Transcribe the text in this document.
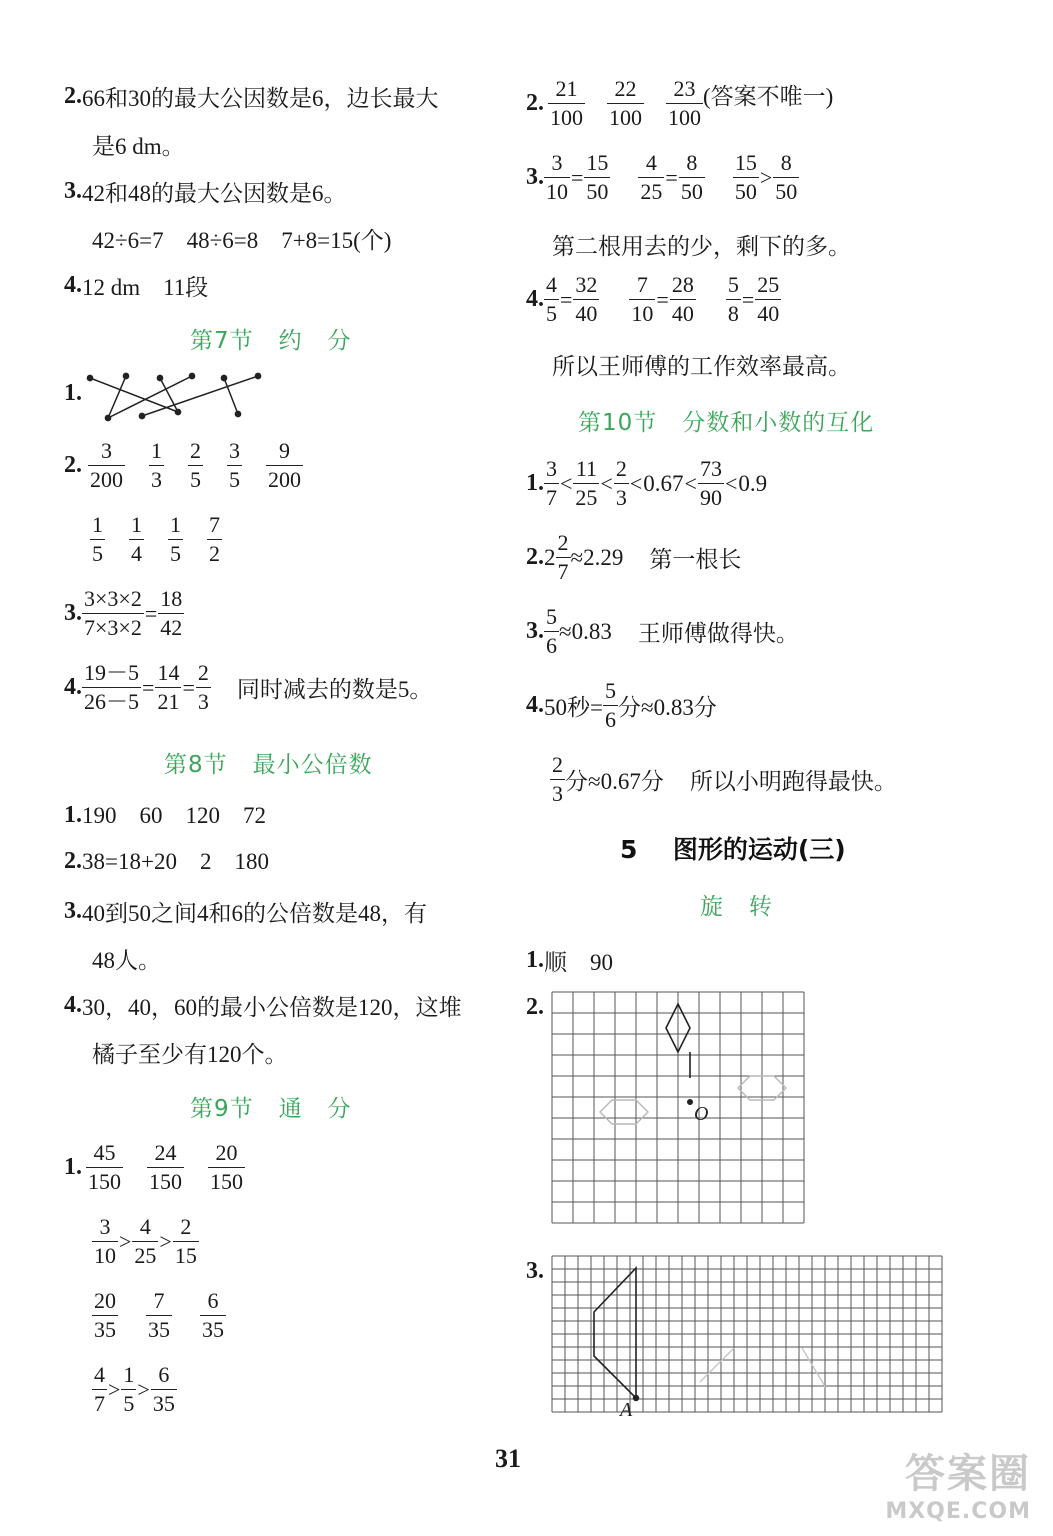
2. 66和30的最大公因数是6，边长最大
是6 dm。
3. 42和48的最大公因数是6。
42÷6=7    48÷6=8    7+8=15(个)
4. 12 dm    11段
第7节   约   分
1.
2. $\frac{3}{200} \frac{1}{3} \frac{2}{5} \frac{3}{5} \frac{9}{200}$
$\frac{1}{5} \frac{1}{4} \frac{1}{5} \frac{7}{2}$
3. $\frac{3\times 3\times 2}{7\times 3\times 2} = \frac{18}{42}$
4. $\frac{19-5}{26-5} = \frac{14}{21} = \frac{2}{3}$ 同时减去的数是5。
第8节   最小公倍数
1. 190    60    120    72
2. 38=18+20    2    180
3. 40到50之间4和6的公倍数是48，有
48人。
4. 30，40，60的最小公倍数是120，这堆
橘子至少有120个。
第9节   通   分
1. $\frac{45}{150} \frac{24}{150} \frac{20}{150}$
$\frac{3}{10} > \frac{4}{25} > \frac{2}{15}$
$\frac{20}{35} \frac{7}{35} \frac{6}{35}$
$\frac{4}{7} > \frac{1}{5} > \frac{6}{35}$
2. $\frac{21}{100} \frac{22}{100} \frac{23}{100}$ (答案不唯一)
3. $\frac{3}{10} = \frac{15}{50} \frac{4}{25} = \frac{8}{50} \frac{15}{50} > \frac{8}{50}$
第二根用去的少，剩下的多。
4. $\frac{4}{5} = \frac{32}{40} \frac{7}{10} = \frac{28}{40} \frac{5}{8} = \frac{25}{40}$
所以王师傅的工作效率最高。
第10节   分数和小数的互化
1. $\frac{3}{7} < \frac{11}{25} < \frac{2}{3} < 0.67 < \frac{73}{90} < 0.9$
2. $2 \frac{2}{7} \approx 2.29$ 第一根长
3. $\frac{5}{6} \approx 0.83$ 王师傅做得快。
4. 50秒= $\frac{5}{6}$ 分≈0.83分
$\frac{2}{3}$ 分≈0.67分 所以小明跑得最快。
5 图形的运动(三)
旋   转
1. 顺    90
2.
O
3.
A
31	答案圈
MXQE.COM
